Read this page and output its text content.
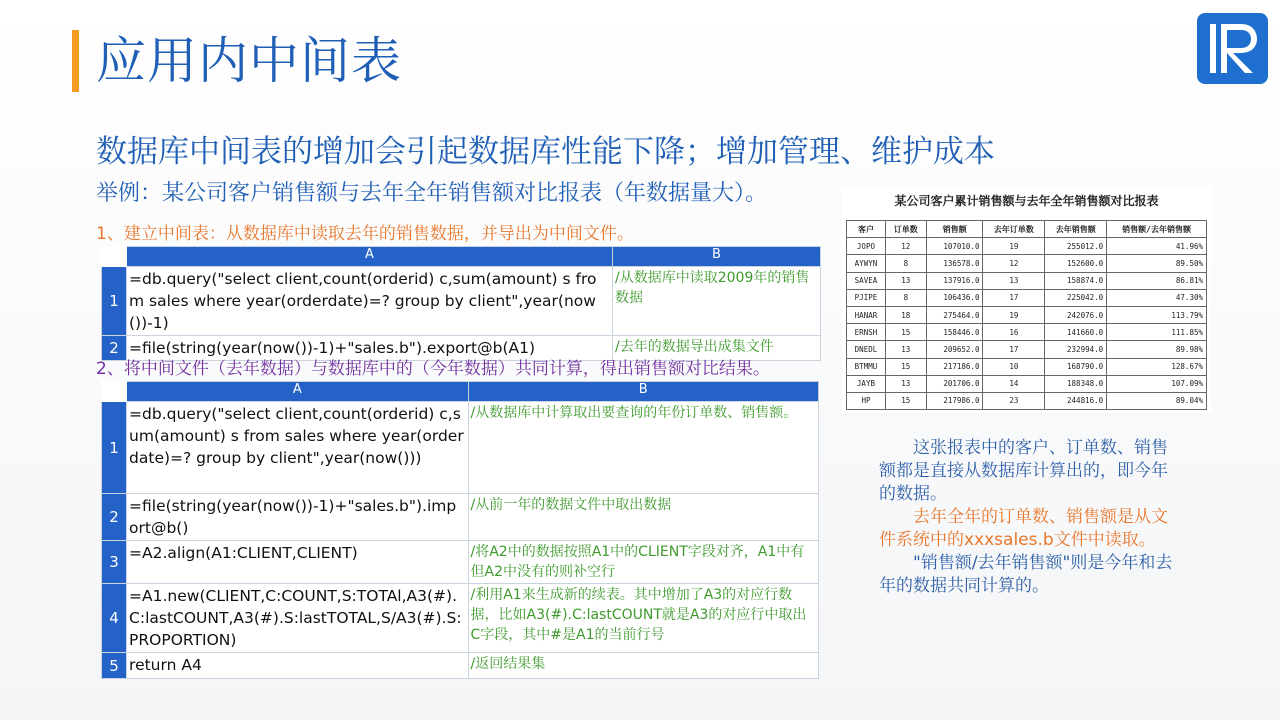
应用内中间表
数据库中间表的增加会引起数据库性能下降；增加管理、维护成本
举例：某公司客户销售额与去年全年销售额对比报表（年数据量大）。
1、建立中间表：从数据库中读取去年的销售数据，并导出为中间文件。
	A	B
1	=db.query("select client,count(orderid) c,sum(amount) s from sales where year(orderdate)=? group by client",year(now())-1)	/从数据库中读取2009年的销售数据
2	=file(string(year(now())-1)+"sales.b").export@b(A1)	/去年的数据导出成集文件
2、将中间文件（去年数据）与数据库中的（今年数据）共同计算，得出销售额对比结果。
	A	B
1	=db.query("select client,count(orderid) c,sum(amount) s from sales where year(orderdate)=? group by client",year(now()))	/从数据库中计算取出要查询的年份订单数、销售额。
2	=file(string(year(now())-1)+"sales.b").import@b()	/从前一年的数据文件中取出数据
3	=A2.align(A1:CLIENT,CLIENT)	/将A2中的数据按照A1中的CLIENT字段对齐，A1中有但A2中没有的则补空行
4	=A1.new(CLIENT,C:COUNT,S:TOTAl,A3(#).C:lastCOUNT,A3(#).S:lastTOTAL,S/A3(#).S:PROPORTION)	/利用A1来生成新的续表。其中增加了A3的对应行数据，比如A3(#).C:lastCOUNT就是A3的对应行中取出C字段，其中#是A1的当前行号
5	return A4	/返回结果集
某公司客户累计销售额与去年全年销售额对比报表
客户	订单数	销售额	去年订单数	去年销售额	销售额/去年销售额
JOPO	12	107010.0	19	255012.0	41.96%
AYWYN	8	136578.0	12	152600.0	89.50%
SAVEA	13	137916.0	13	158874.0	86.81%
PJIPE	8	106436.0	17	225042.0	47.30%
HANAR	18	275464.0	19	242076.0	113.79%
ERNSH	15	158446.0	16	141660.0	111.85%
DNEDL	13	209652.0	17	232994.0	89.98%
BTMMU	15	217186.0	10	168790.0	128.67%
JAYB	13	201706.0	14	188348.0	107.09%
HP	15	217986.0	23	244816.0	89.04%

这张报表中的客户、订单数、销售额都是直接从数据库计算出的，即今年的数据。

去年全年的订单数、销售额是从文件系统中的xxxsales.b文件中读取。

"销售额/去年销售额"则是今年和去年的数据共同计算的。
